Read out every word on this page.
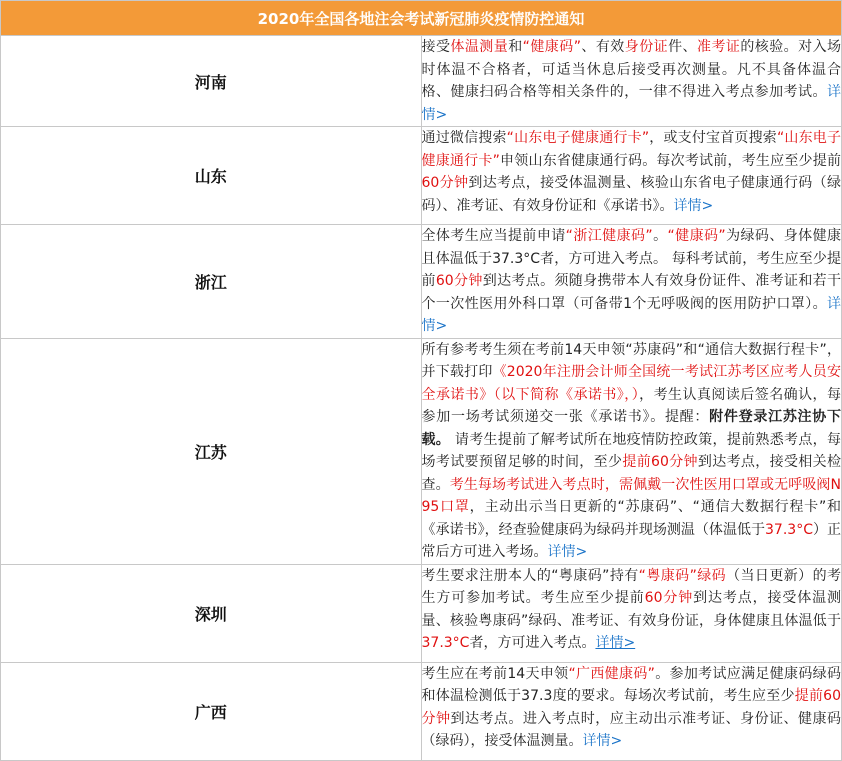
2020年全国各地注会考试新冠肺炎疫情防控通知	
河南	接受体温测量和“健康码”、有效身份证件、准考证的核验。对入场时体温不合格者，可适当休息后接受再次测量。凡不具备体温合格、健康扫码合格等相关条件的，一律不得进入考点参加考试。详情>
山东	通过微信搜索“山东电子健康通行卡”，或支付宝首页搜索“山东电子健康通行卡”申领山东省健康通行码。每次考试前，考生应至少提前60分钟到达考点，接受体温测量、核验山东省电子健康通行码（绿码）、准考证、有效身份证和《承诺书》。详情>
浙江	全体考生应当提前申请“浙江健康码”。“健康码”为绿码、身体健康且体温低于37.3°C者，方可进入考点。 每科考试前，考生应至少提前60分钟到达考点。须随身携带本人有效身份证件、准考证和若干个一次性医用外科口罩（可备带1个无呼吸阀的医用防护口罩）。详情>
江苏	所有参考考生须在考前14天申领“苏康码”和“通信大数据行程卡”，并下载打印《2020年注册会计师全国统一考试江苏考区应考人员安全承诺书》（以下简称《承诺书》，），考生认真阅读后签名确认，每参加一场考试须递交一张《承诺书》。提醒：附件登录江苏注协下载。 请考生提前了解考试所在地疫情防控政策，提前熟悉考点，每场考试要预留足够的时间，至少提前60分钟到达考点，接受相关检查。考生每场考试进入考点时，需佩戴一次性医用口罩或无呼吸阀N95口罩，主动出示当日更新的“苏康码”、“通信大数据行程卡”和《承诺书》，经查验健康码为绿码并现场测温（体温低于37.3°C）正常后方可进入考场。详情>
深圳	考生要求注册本人的“粤康码”持有“粤康码”绿码（当日更新）的考生方可参加考试。考生应至少提前60分钟到达考点，接受体温测量、核验粤康码”绿码、准考证、有效身份证，身体健康且体温低于37.3°C者，方可进入考点。详情>
广西	考生应在考前14天申领“广西健康码”。参加考试应满足健康码绿码和体温检测低于37.3度的要求。每场次考试前，考生应至少提前60分钟到达考点。进入考点时，应主动出示准考证、身份证、健康码（绿码），接受体温测量。详情>
